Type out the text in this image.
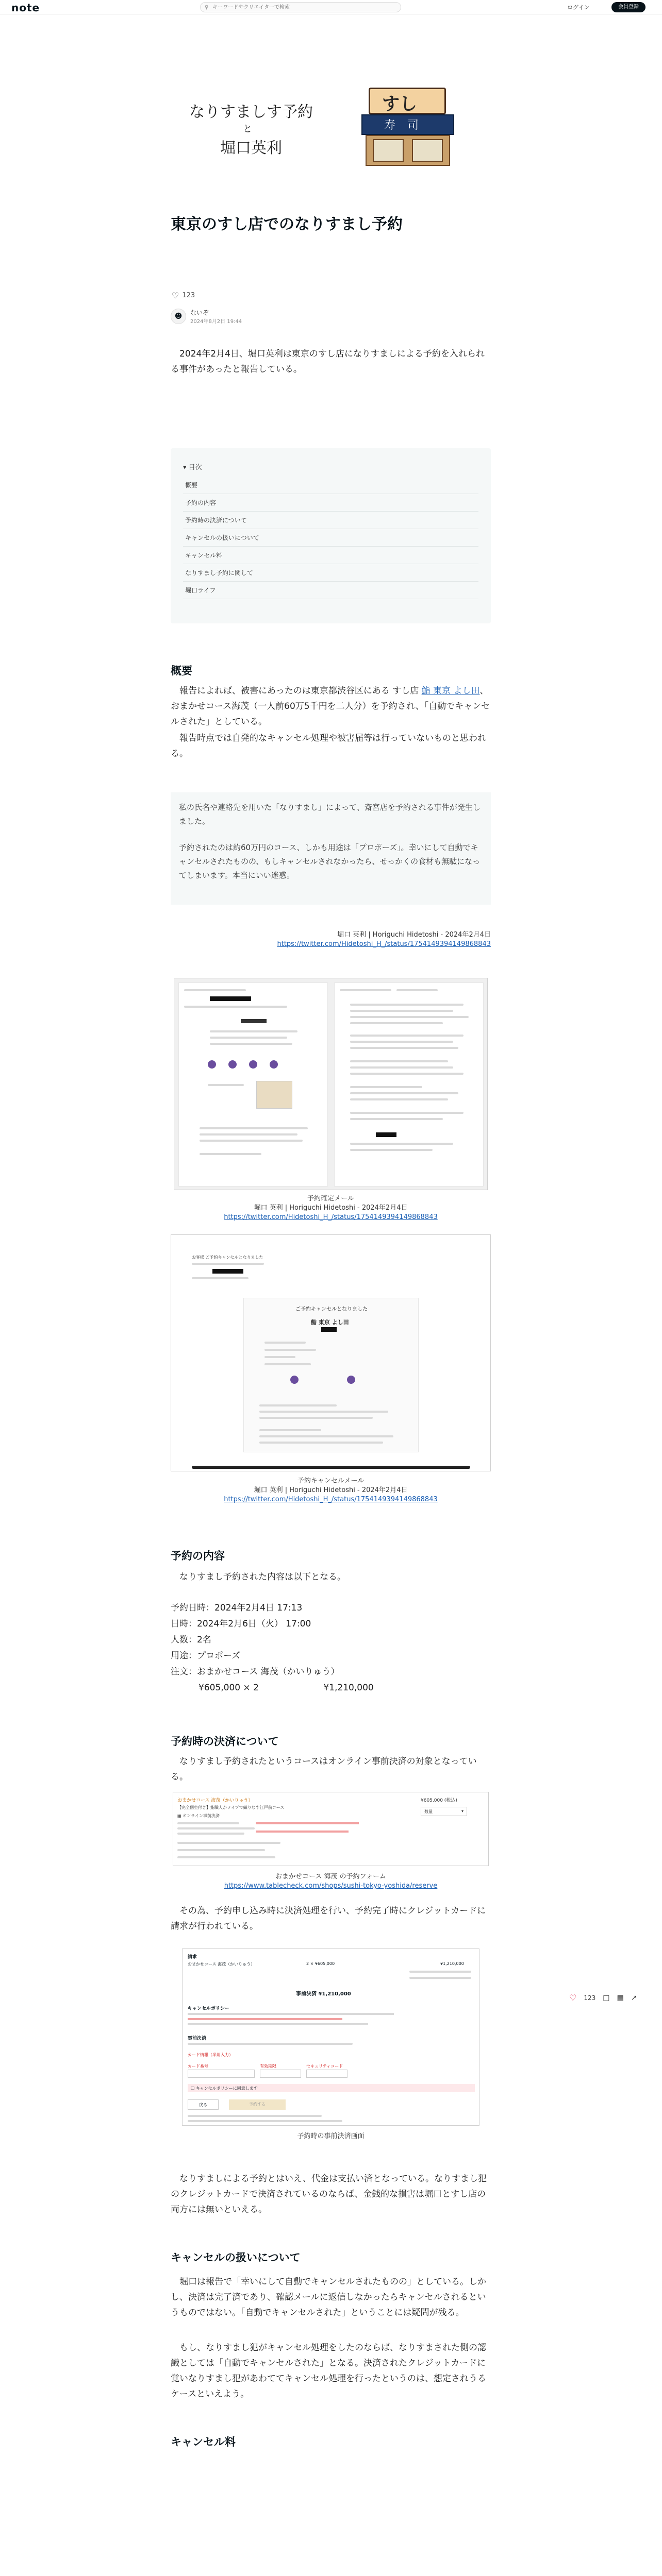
note	⚲
キーワードやクリエイターで検索	ログイン	会員登録
なりすましす予約
と
堀口英利
すし
寿 司
東京のすし店でのなりすまし予約
♡ 123
☻	ないぞ
2024年8月2日 19:44

2024年2月4日、堀口英利は東京のすし店になりすましによる予約を入れられる事件があったと報告している。

▾ 目次
概要
予約の内容
予約時の決済について
キャンセルの扱いについて
キャンセル料
なりすまし予約に関して
堀口ライフ
概要

報告によれば、被害にあったのは東京都渋谷区にある すし店 鮨 東京 よし田、おまかせコース海茂（一人前60万5千円を二人分）を予約され、「自動でキャンセルされた」としている。

報告時点では自発的なキャンセル処理や被害届等は行っていないものと思われる。

私の氏名や連絡先を用いた「なりすまし」によって、斎宮店を予約される事件が発生しました。
予約されたのは約60万円のコース、しかも用途は「プロポーズ」。幸いにして自動でキャンセルされたものの、もしキャンセルされなかったら、せっかくの食材も無駄になってしまいます。本当にいい迷惑。
堀口 英利 | Horiguchi Hidetoshi - 2024年2月4日
https://twitter.com/Hidetoshi_H_/status/1754149394149868843
予約確定メール
堀口 英利 | Horiguchi Hidetoshi - 2024年2月4日
https://twitter.com/Hidetoshi_H_/status/1754149394149868843
お客様 ご予約キャンセルとなりました
ご予約キャンセルとなりました
鮨 東京 よし田
予約キャンセルメール
堀口 英利 | Horiguchi Hidetoshi - 2024年2月4日
https://twitter.com/Hidetoshi_H_/status/1754149394149868843
予約の内容

なりすまし予約された内容は以下となる。

予約日時：2024年2月4日 17:13
日時：2024年2月6日（火） 17:00
人数：2名
用途：プロポーズ
注文：おまかせコース 海茂（かいりゅう）
¥605,000 × 2	¥1,210,000
予約時の決済について

なりすまし予約されたというコースはオンライン事前決済の対象となっている。

おまかせコース 海茂（かいりゅう）
【完全個室付き】鮨職人がライブで織りなす江戸前コース
▦ オンライン事前決済
¥605,000 (税込)
数量	▾
おまかせコース 海茂 の予約フォーム
https://www.tablecheck.com/shops/sushi-tokyo-yoshida/reserve

その為、予約申し込み時に決済処理を行い、予約完了時にクレジットカードに請求が行われている。

請求
おまかせコース 海茂（かいりゅう）	2 × ¥605,000	¥1,210,000
事前決済 ¥1,210,000
キャンセルポリシー
事前決済
カード情報（半角入力）
カード番号	有効期限	セキュリティコード
☐ キャンセルポリシーに同意します
戻る	予約する
予約時の事前決済画面

なりすましによる予約とはいえ、代金は支払い済となっている。なりすまし犯のクレジットカードで決済されているのならば、金銭的な損害は堀口とすし店の両方には無いといえる。

キャンセルの扱いについて

堀口は報告で「幸いにして自動でキャンセルされたものの」としている。しかし、決済は完了済であり、確認メールに返信しなかったらキャンセルされるというものではない。「自動でキャンセルされた」ということには疑問が残る。

もし、なりすまし犯がキャンセル処理をしたのならば、なりすまされた側の認識としては「自動でキャンセルされた」となる。決済されたクレジットカードに覚いなりすまし犯があわててキャンセル処理を行ったというのは、想定されうるケースといえよう。

キャンセル料
♡ 123 □ ▦ ↗
